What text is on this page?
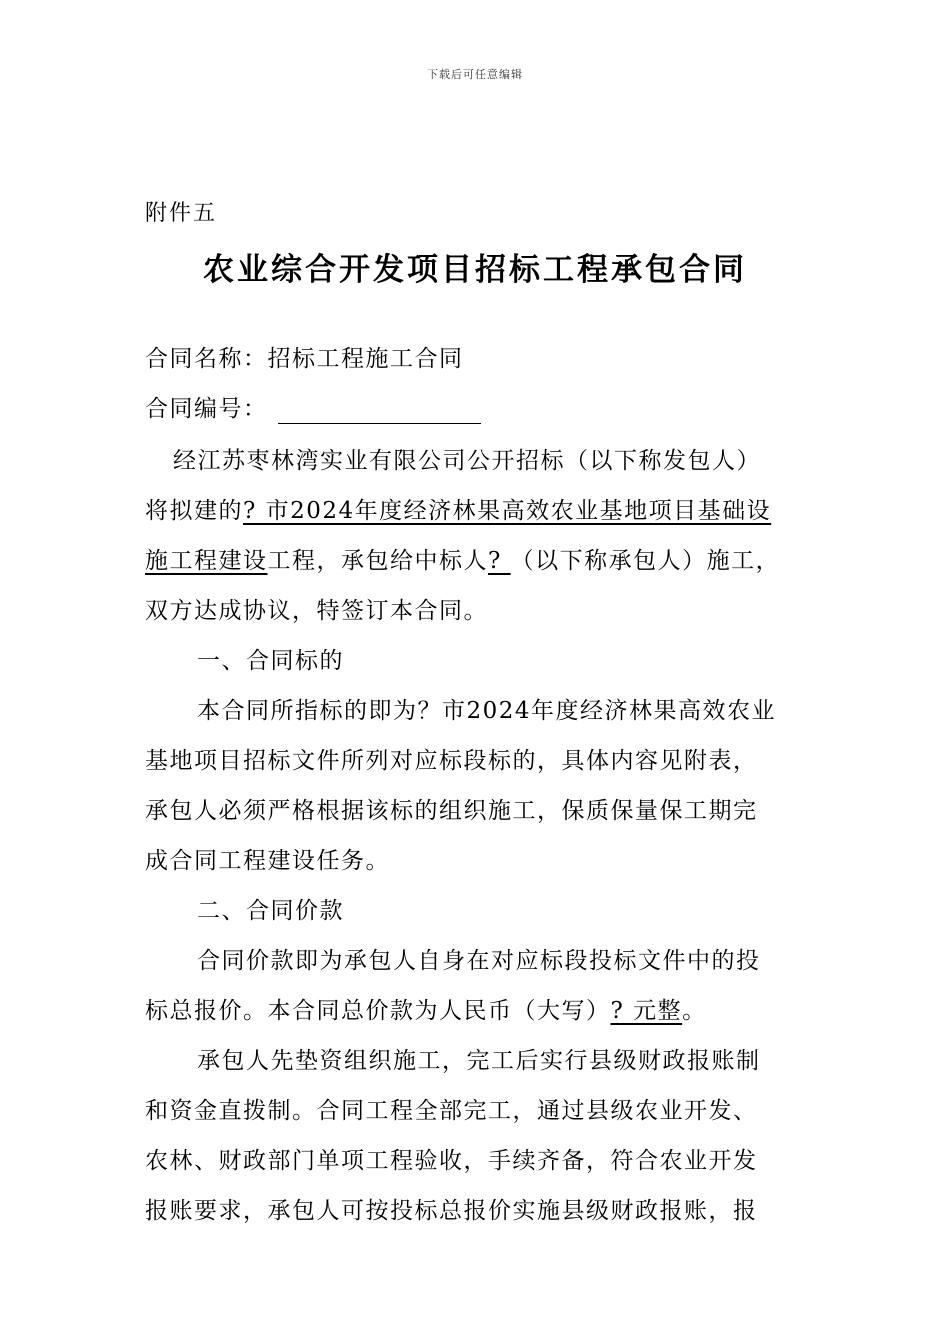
下载后可任意编辑
附件五
农业综合开发项目招标工程承包合同
合同名称：招标工程施工合同
合同编号：
经江苏枣林湾实业有限公司公开招标（以下称发包人）
将拟建的? 市2024年度经济林果高效农业基地项目基础设
施工程建设工程，承包给中标人? （以下称承包人）施工，
双方达成协议，特签订本合同。
一、合同标的
本合同所指标的即为？市2024年度经济林果高效农业
基地项目招标文件所列对应标段标的，具体内容见附表，
承包人必须严格根据该标的组织施工，保质保量保工期完
成合同工程建设任务。
二、合同价款
合同价款即为承包人自身在对应标段投标文件中的投
标总报价。本合同总价款为人民币（大写）? 元整。
承包人先垫资组织施工，完工后实行县级财政报账制
和资金直拨制。合同工程全部完工，通过县级农业开发、
农林、财政部门单项工程验收，手续齐备，符合农业开发
报账要求，承包人可按投标总报价实施县级财政报账，报
